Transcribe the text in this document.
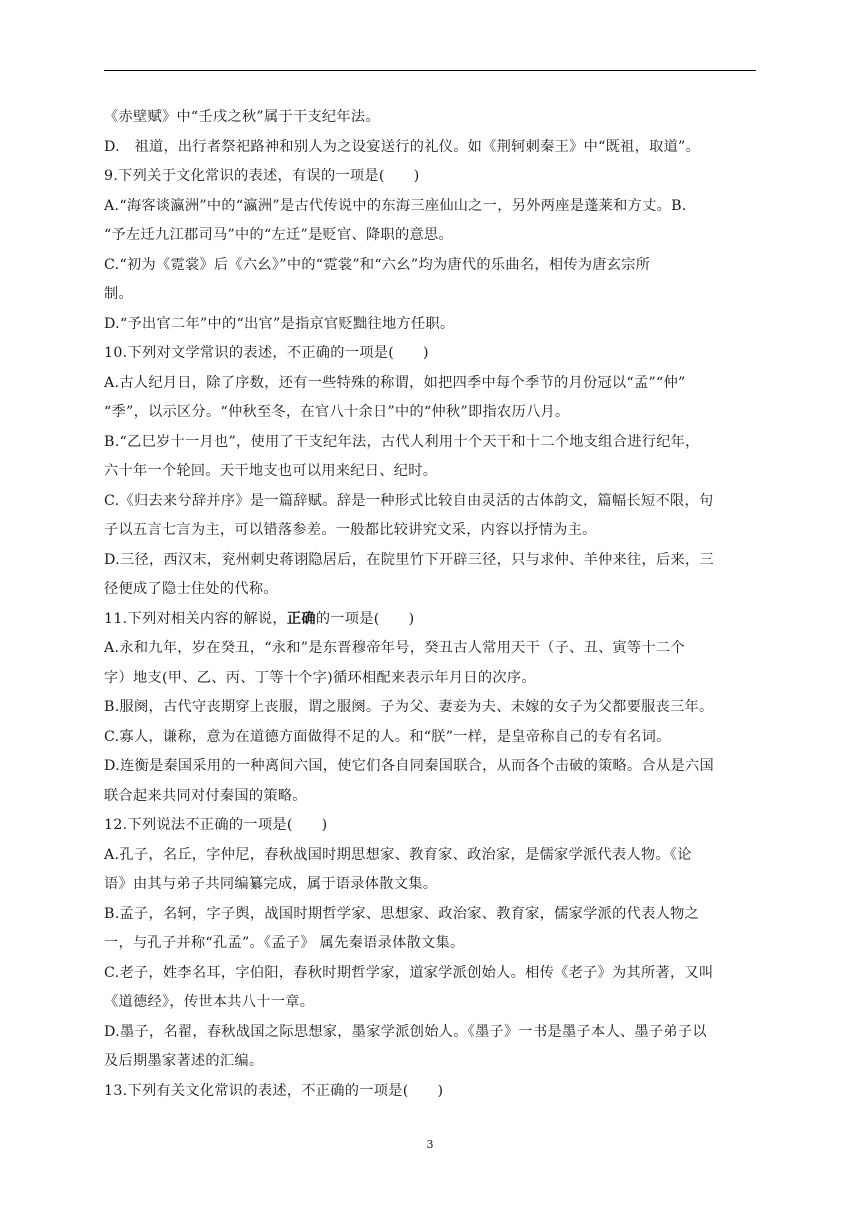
《赤壁赋》中“壬戌之秋”属于干支纪年法。
D.　祖道，出行者祭祀路神和别人为之设宴送行的礼仪。如《荆轲刺秦王》中“既祖，取道”。
9.下列关于文化常识的表述，有误的一项是(　　)
A.“海客谈瀛洲”中的“瀛洲”是古代传说中的东海三座仙山之一，另外两座是蓬莱和方丈。B.
“予左迁九江郡司马”中的“左迁”是贬官、降职的意思。
C.“初为《霓裳》后《六幺》”中的“霓裳”和“六幺”均为唐代的乐曲名，相传为唐玄宗所
制。
D.“予出官二年”中的“出官”是指京官贬黜往地方任职。
10.下列对文学常识的表述，不正确的一项是(　　)
A.古人纪月日，除了序数，还有一些特殊的称谓，如把四季中每个季节的月份冠以“孟”“仲”
“季”，以示区分。“仲秋至冬，在官八十余日”中的“仲秋”即指农历八月。
B.“乙巳岁十一月也”，使用了干支纪年法，古代人利用十个天干和十二个地支组合进行纪年，
六十年一个轮回。天干地支也可以用来纪日、纪时。
C.《归去来兮辞并序》是一篇辞赋。辞是一种形式比较自由灵活的古体韵文，篇幅长短不限，句
子以五言七言为主，可以错落参差。一般都比较讲究文采，内容以抒情为主。
D.三径，西汉末，兖州刺史蒋诩隐居后，在院里竹下开辟三径，只与求仲、羊仲来往，后来，三
径便成了隐士住处的代称。
11.下列对相关内容的解说，正确的一项是(　　)
A.永和九年，岁在癸丑，“永和”是东晋穆帝年号，癸丑古人常用天干（子、丑、寅等十二个
字）地支(甲、乙、丙、丁等十个字)循环相配来表示年月日的次序。
B.服阕，古代守丧期穿上丧服，谓之服阕。子为父、妻妾为夫、未嫁的女子为父都要服丧三年。
C.寡人，谦称，意为在道德方面做得不足的人。和“朕”一样，是皇帝称自己的专有名词。
D.连衡是秦国采用的一种离间六国，使它们各自同秦国联合，从而各个击破的策略。合从是六国
联合起来共同对付秦国的策略。
12.下列说法不正确的一项是(　　)
A.孔子，名丘，字仲尼，春秋战国时期思想家、教育家、政治家，是儒家学派代表人物。《论
语》由其与弟子共同编纂完成，属于语录体散文集。
B.孟子，名轲，字子舆，战国时期哲学家、思想家、政治家、教育家，儒家学派的代表人物之
一，与孔子并称“孔孟”。《孟子》 属先秦语录体散文集。
C.老子，姓李名耳，字伯阳，春秋时期哲学家，道家学派创始人。相传《老子》为其所著，又叫
《道德经》，传世本共八十一章。
D.墨子，名翟，春秋战国之际思想家，墨家学派创始人。《墨子》一书是墨子本人、墨子弟子以
及后期墨家著述的汇编。
13.下列有关文化常识的表述，不正确的一项是(　　)
3
